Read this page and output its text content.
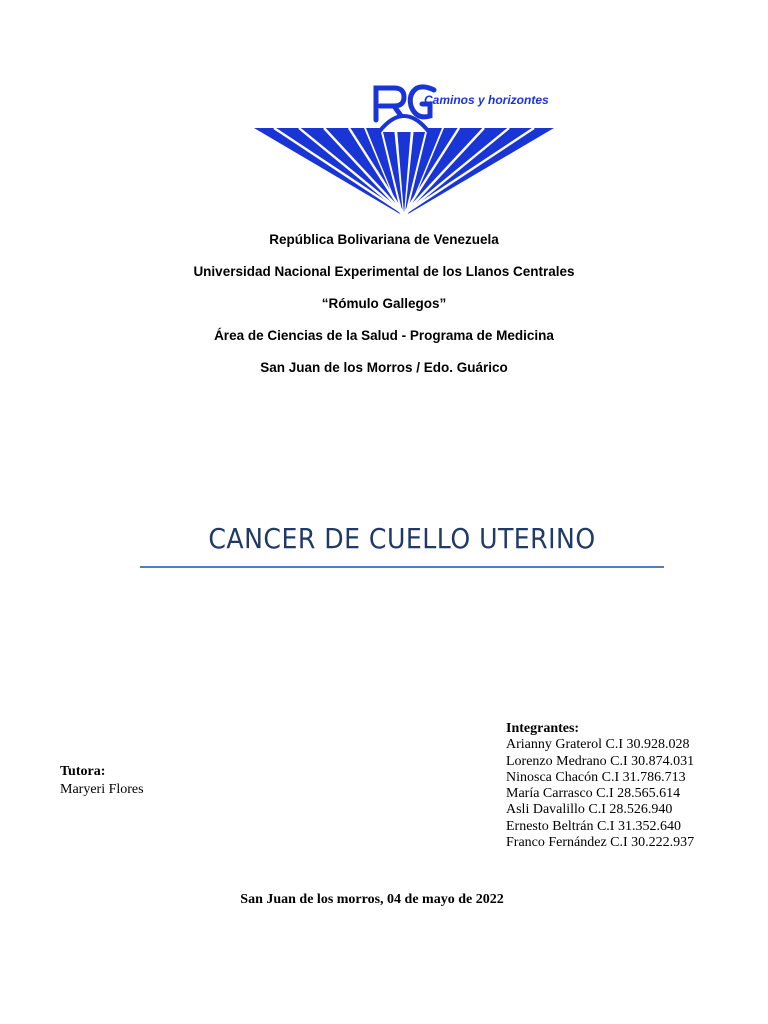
Caminos y horizontes
República Bolivariana de Venezuela
Universidad Nacional Experimental de los Llanos Centrales
“Rómulo Gallegos”
Área de Ciencias de la Salud - Programa de Medicina
San Juan de los Morros / Edo. Guárico
CANCER DE CUELLO UTERINO
Tutora:
Maryeri Flores
Integrantes:
Arianny Graterol C.I 30.928.028
Lorenzo Medrano C.I 30.874.031
Ninosca Chacón C.I 31.786.713
María Carrasco C.I 28.565.614
Asli Davalillo C.I 28.526.940
Ernesto Beltrán C.I 31.352.640
Franco Fernández C.I 30.222.937
San Juan de los morros, 04 de mayo de 2022
